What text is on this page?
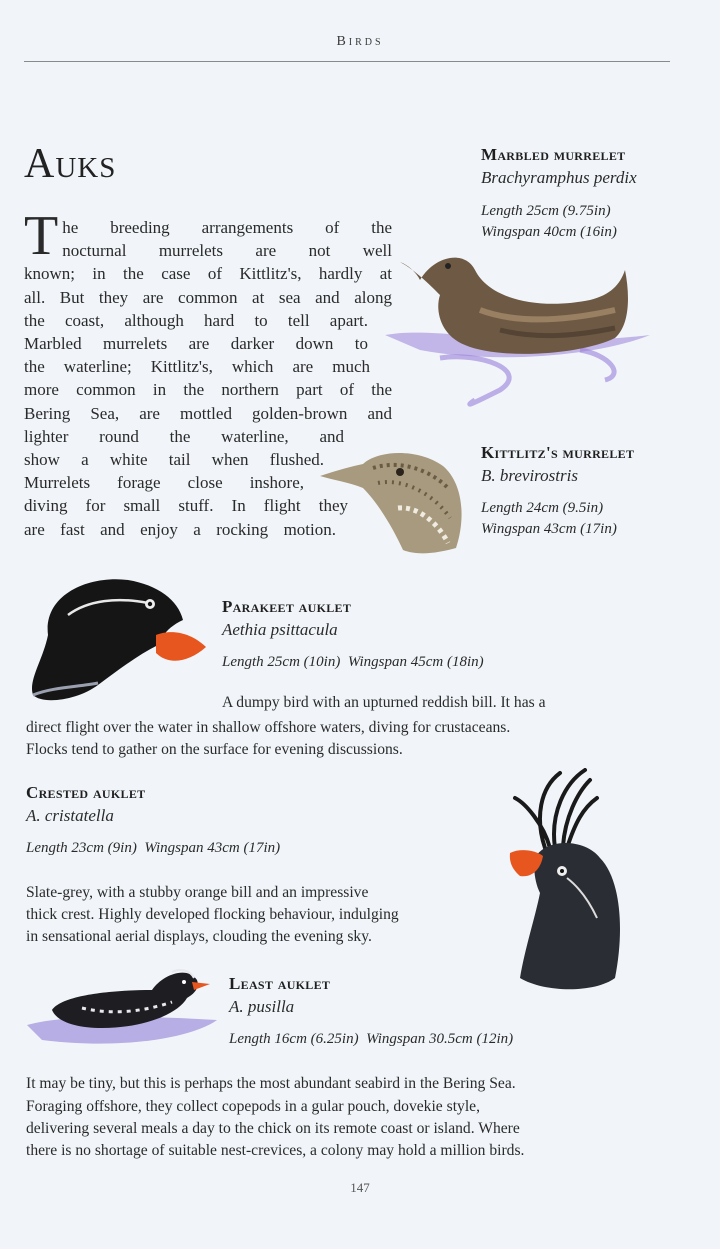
Birds
Auks
T he breeding arrangements of the
nocturnal murrelets are not well
known; in the case of Kittlitz's, hardly at
all. But they are common at sea and along
the coast, although hard to tell apart.
Marbled murrelets are darker down to
the waterline; Kittlitz's, which are much
more common in the northern part of the
Bering Sea, are mottled golden-brown and
lighter round the waterline, and
show a white tail when flushed.
Murrelets forage close inshore,
diving for small stuff. In flight they
are fast and enjoy a rocking motion.
Marbled murrelet
Brachyramphus perdix
Length 25cm (9.75in)
Wingspan 40cm (16in)
Kittlitz's murrelet
B. brevirostris
Length 24cm (9.5in)
Wingspan 43cm (17in)
Parakeet auklet
Aethia psittacula
Length 25cm (10in)  Wingspan 45cm (18in)
A dumpy bird with an upturned reddish bill. It has a
direct flight over the water in shallow offshore waters, diving for crustaceans.
Flocks tend to gather on the surface for evening discussions.
Crested auklet
A. cristatella
Length 23cm (9in)  Wingspan 43cm (17in)
Slate-grey, with a stubby orange bill and an impressive
thick crest. Highly developed flocking behaviour, indulging
in sensational aerial displays, clouding the evening sky.
Least auklet
A. pusilla
Length 16cm (6.25in)  Wingspan 30.5cm (12in)
It may be tiny, but this is perhaps the most abundant seabird in the Bering Sea.
Foraging offshore, they collect copepods in a gular pouch, dovekie style,
delivering several meals a day to the chick on its remote coast or island. Where
there is no shortage of suitable nest-crevices, a colony may hold a million birds.
147
